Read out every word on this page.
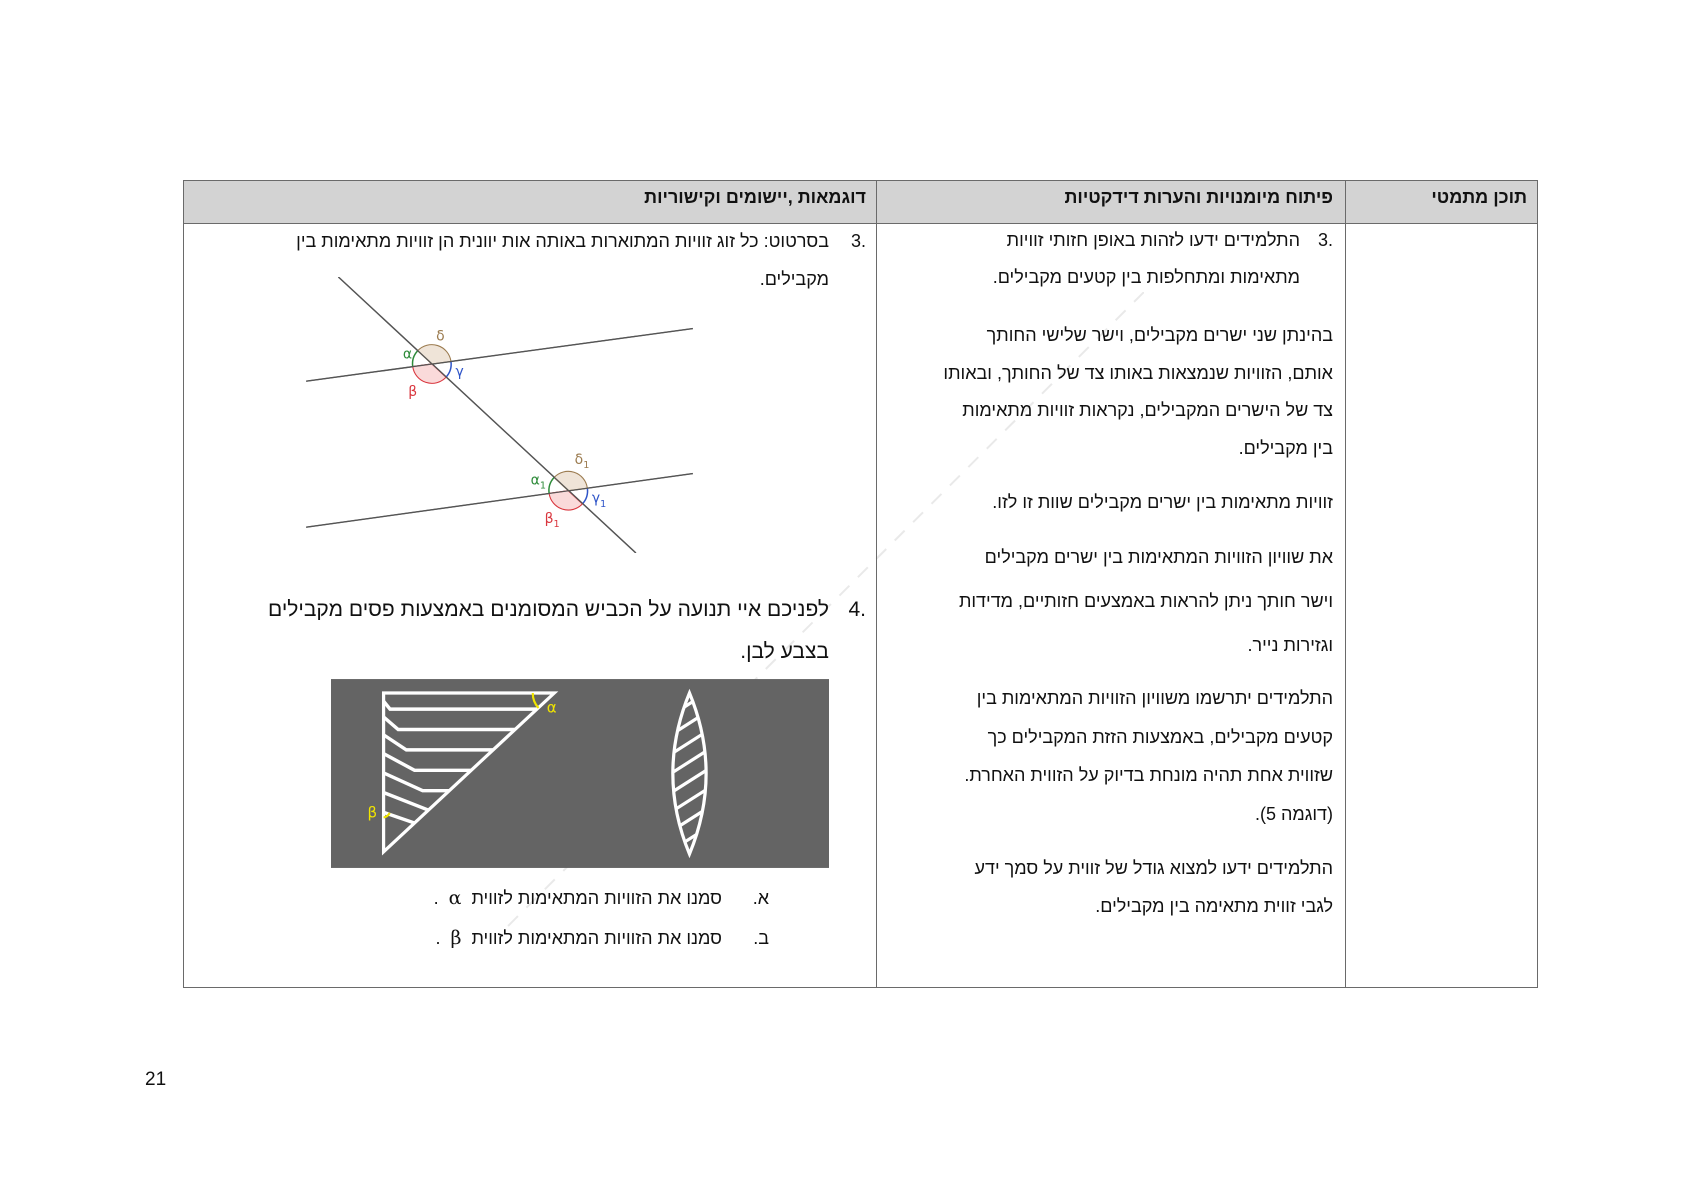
תוכן מתמטי
פיתוח מיומנויות והערות דידקטיות
דוגמאות ,יישומים וקישוריות
3.
התלמידים ידעו לזהות באופן חזותי זוויות
מתאימות ומתחלפות בין קטעים מקבילים.
בהינתן שני ישרים מקבילים, וישר שלישי החותך
אותם, הזוויות שנמצאות באותו צד של החותך, ובאותו
צד של הישרים המקבילים, נקראות זוויות מתאימות
בין מקבילים.
זוויות מתאימות בין ישרים מקבילים שוות זו לזו.
את שוויון הזוויות המתאימות בין ישרים מקבילים
וישר חותך ניתן להראות באמצעים חזותיים, מדידות
וגזירות נייר.
התלמידים יתרשמו משוויון הזוויות המתאימות בין
קטעים מקבילים, באמצעות הזזת המקבילים כך
שזווית אחת תהיה מונחת בדיוק על הזווית האחרת.
(דוגמה 5).
התלמידים ידעו למצוא גודל של זווית על סמך ידע
לגבי זווית מתאימה בין מקבילים.
3.
בסרטוט: כל זוג זוויות המתוארות באותה אות יוונית הן זוויות מתאימות בין
מקבילים.
δ
α
γ
β
$\delta_1$
$\alpha_1$
$\gamma_1$
$\beta_1$
4.
לפניכם איי תנועה על הכביש המסומנים באמצעות פסים מקבילים
בצבע לבן.
α
β
א.
סמנו את הזוויות המתאימות לזווית
α
.
ב.
סמנו את הזוויות המתאימות לזווית
β
.
21
